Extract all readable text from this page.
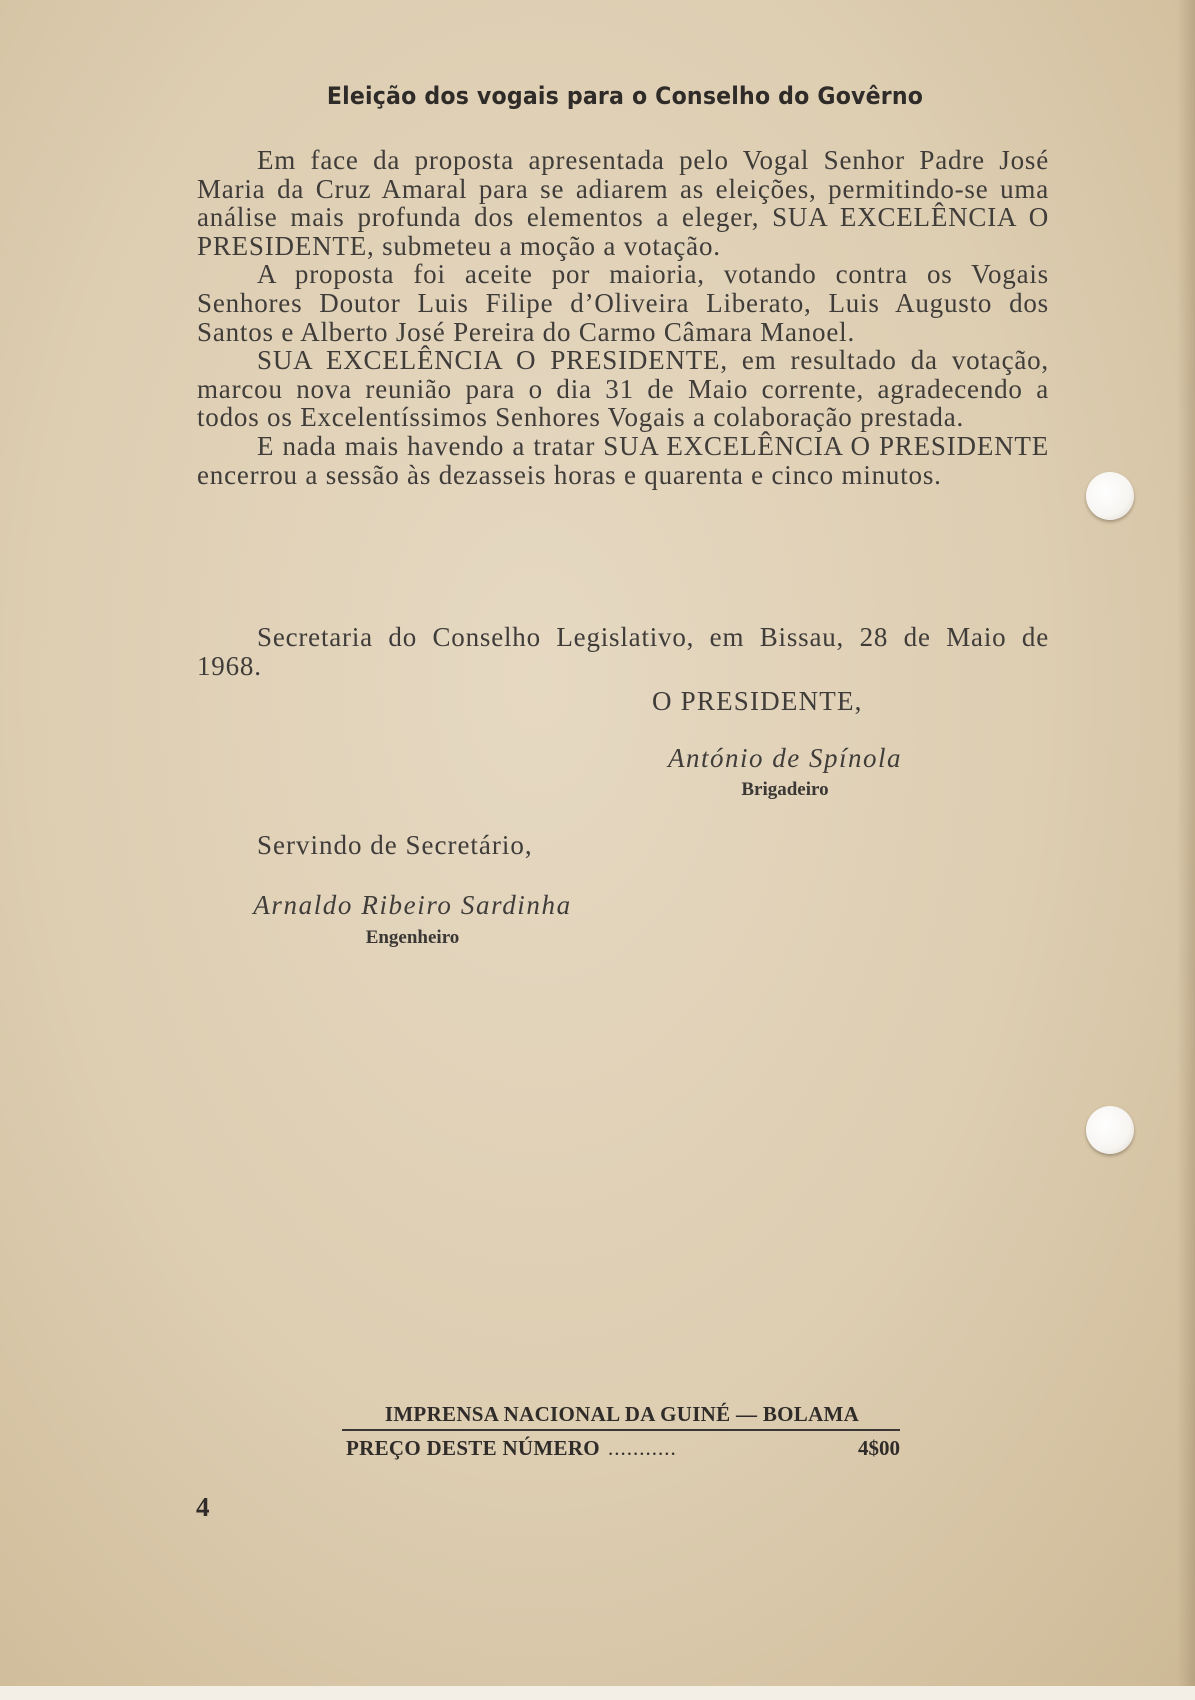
Eleição dos vogais para o Conselho do Govêrno

Em face da proposta apresentada pelo Vogal Senhor Padre José Maria da Cruz Amaral para se adiarem as eleições, permitindo-se uma análise mais profunda dos elementos a eleger, SUA EXCELÊNCIA O PRESIDENTE, submeteu a moção a votação.

A proposta foi aceite por maioria, votando contra os Vogais Senhores Doutor Luis Filipe d’Oliveira Liberato, Luis Augusto dos Santos e Alberto José Pereira do Carmo Câmara Manoel.

SUA EXCELÊNCIA O PRESIDENTE, em resultado da votação, marcou nova reunião para o dia 31 de Maio corrente, agradecendo a todos os Excelentíssimos Senhores Vogais a colaboração prestada.

E nada mais havendo a tratar SUA EXCELÊNCIA O PRESIDENTE encerrou a sessão às dezasseis horas e quarenta e cinco minutos.

Secretaria do Conselho Legislativo, em Bissau, 28 de Maio de 1968.
O PRESIDENTE,
António de Spínola
Brigadeiro
Servindo de Secretário,
Arnaldo Ribeiro Sardinha
Engenheiro
IMPRENSA NACIONAL DA GUINÉ — BOLAMA
PREÇO DESTE NÚMERO ...........	4$00
4
